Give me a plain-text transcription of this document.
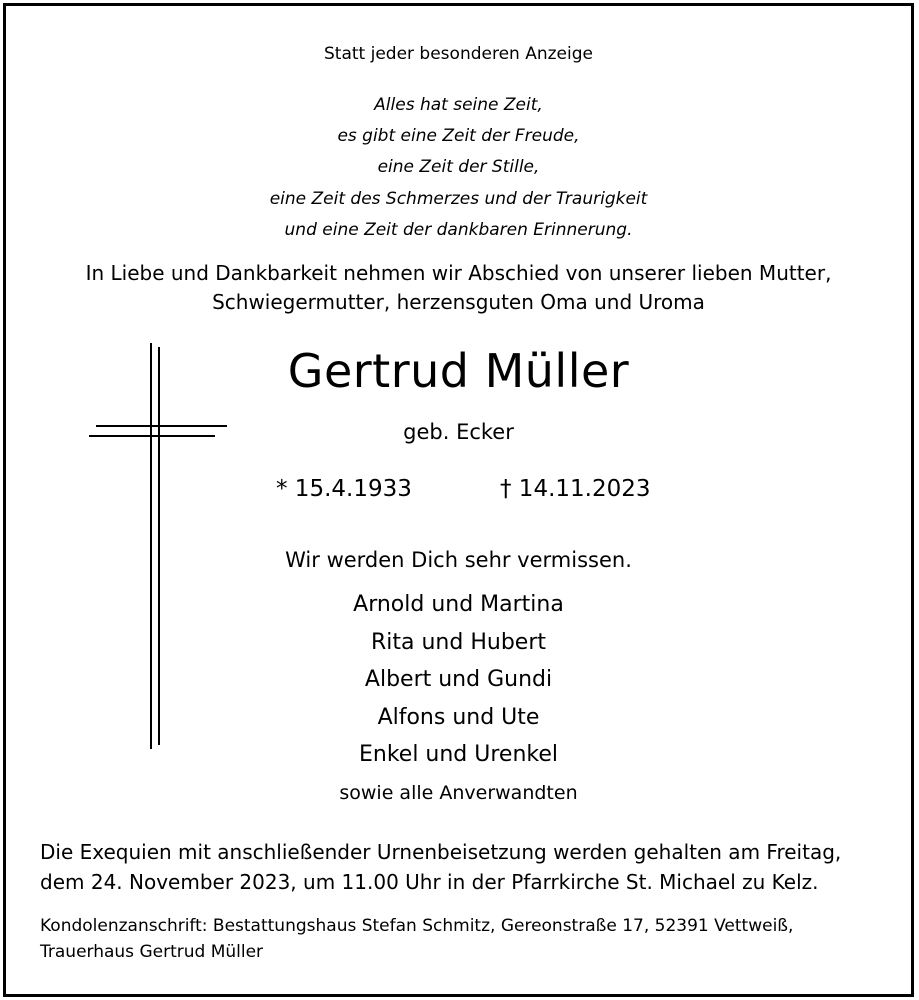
Statt jeder besonderen Anzeige
Alles hat seine Zeit,
es gibt eine Zeit der Freude,
eine Zeit der Stille,
eine Zeit des Schmerzes und der Traurigkeit
und eine Zeit der dankbaren Erinnerung.
In Liebe und Dankbarkeit nehmen wir Abschied von unserer lieben Mutter,
Schwiegermutter, herzensguten Oma und Uroma
Gertrud Müller
geb. Ecker
* 15.4.1933	† 14.11.2023
Wir werden Dich sehr vermissen.
Arnold und Martina
Rita und Hubert
Albert und Gundi
Alfons und Ute
Enkel und Urenkel
sowie alle Anverwandten
Die Exequien mit anschließender Urnenbeisetzung werden gehalten am Freitag,
dem 24. November 2023, um 11.00 Uhr in der Pfarrkirche St. Michael zu Kelz.
Kondolenzanschrift: Bestattungshaus Stefan Schmitz, Gereonstraße 17, 52391 Vettweiß,
Trauerhaus Gertrud Müller
